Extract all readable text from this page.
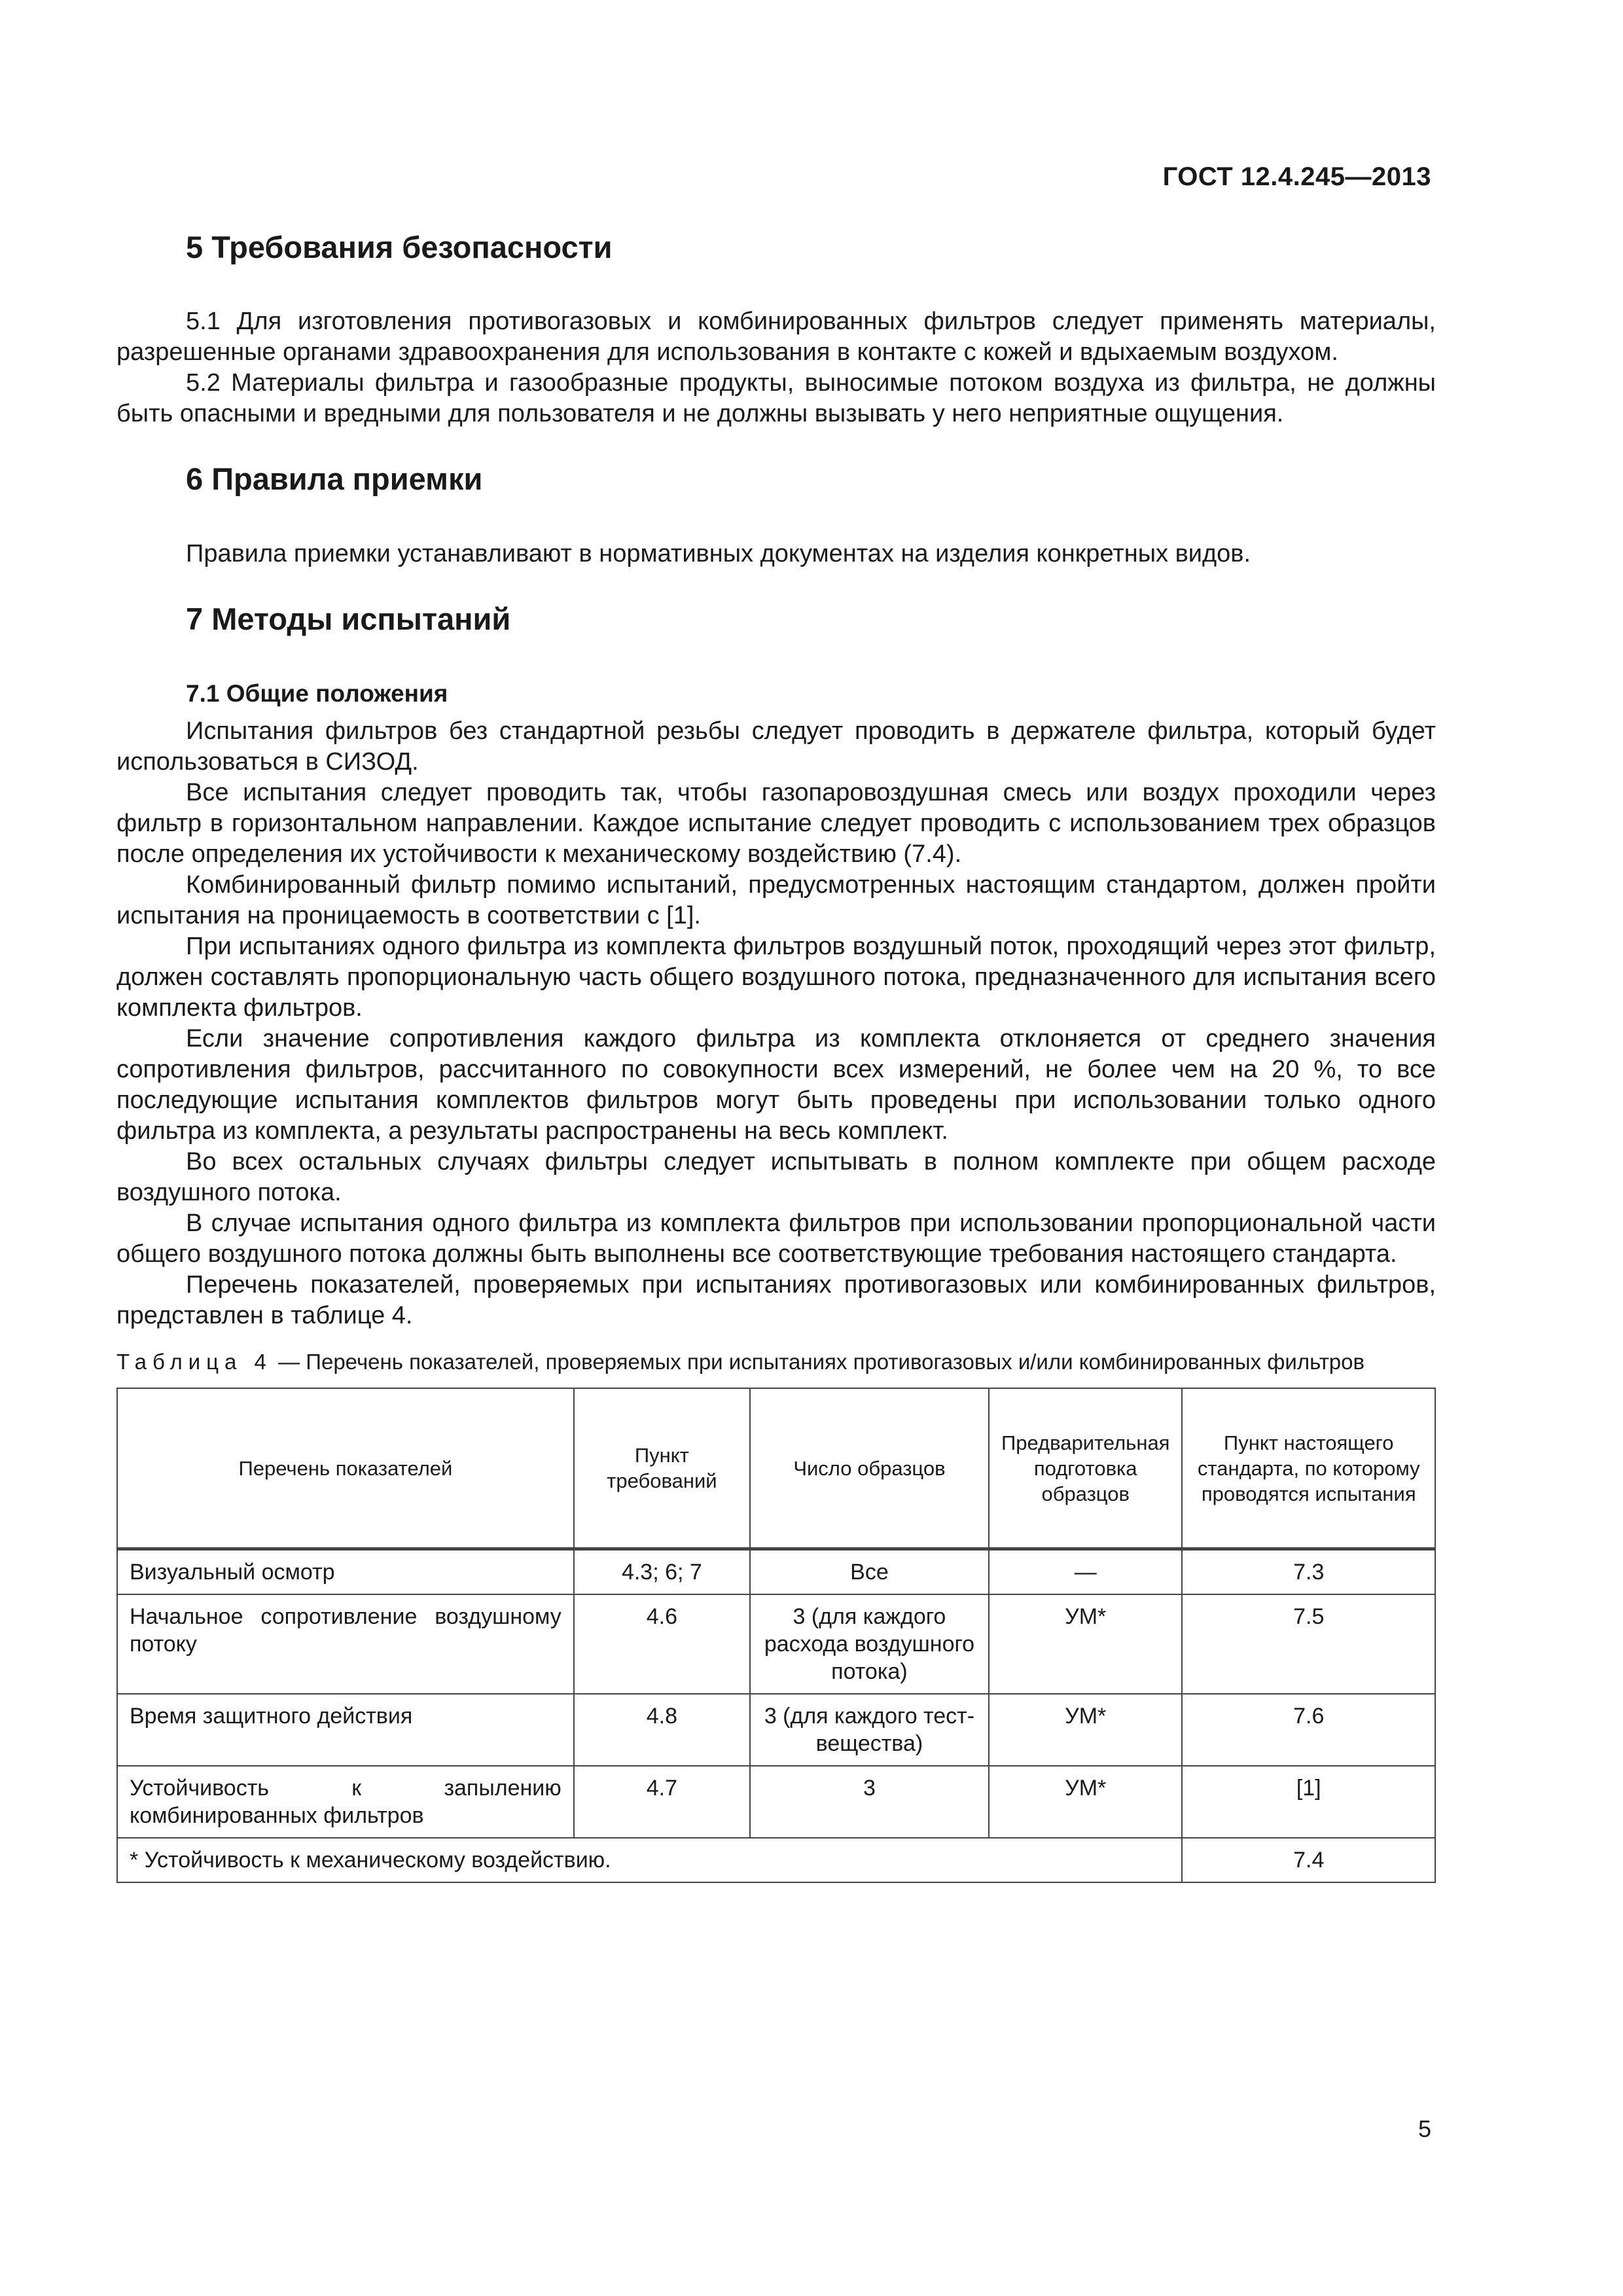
ГОСТ 12.4.245—2013
5 Требования безопасности

5.1 Для изготовления противогазовых и комбинированных фильтров следует применять материалы, разрешенные органами здравоохранения для использования в контакте с кожей и вдыхаемым воздухом.

5.2 Материалы фильтра и газообразные продукты, выносимые потоком воздуха из фильтра, не должны быть опасными и вредными для пользователя и не должны вызывать у него неприятные ощущения.

6 Правила приемки

Правила приемки устанавливают в нормативных документах на изделия конкретных видов.

7 Методы испытаний
7.1 Общие положения

Испытания фильтров без стандартной резьбы следует проводить в держателе фильтра, который будет использоваться в СИЗОД.

Все испытания следует проводить так, чтобы газопаровоздушная смесь или воздух проходили через фильтр в горизонтальном направлении. Каждое испытание следует проводить с использованием трех образцов после определения их устойчивости к механическому воздействию (7.4).

Комбинированный фильтр помимо испытаний, предусмотренных настоящим стандартом, должен пройти испытания на проницаемость в соответствии с [1].

При испытаниях одного фильтра из комплекта фильтров воздушный поток, проходящий через этот фильтр, должен составлять пропорциональную часть общего воздушного потока, предназначенного для испытания всего комплекта фильтров.

Если значение сопротивления каждого фильтра из комплекта отклоняется от среднего значения сопротивления фильтров, рассчитанного по совокупности всех измерений, не более чем на 20 %, то все последующие испытания комплектов фильтров могут быть проведены при использовании только одного фильтра из комплекта, а результаты распространены на весь комплект.

Во всех остальных случаях фильтры следует испытывать в полном комплекте при общем расходе воздушного потока.

В случае испытания одного фильтра из комплекта фильтров при использовании пропорциональной части общего воздушного потока должны быть выполнены все соответствующие требования настоящего стандарта.

Перечень показателей, проверяемых при испытаниях противогазовых или комбинированных фильтров, представлен в таблице 4.

Таблица 4 — Перечень показателей, проверяемых при испытаниях противогазовых и/или комбинированных фильтров
Перечень показателей	Пункт требований	Число образцов	Предварительная подготовка образцов	Пункт настоящего стандарта, по которому проводятся испытания
Визуальный осмотр	4.3; 6; 7	Все	—	7.3
Начальное сопротивление воздушному потоку	4.6	3 (для каждого расхода воздушного потока)	УМ*	7.5
Время защитного действия	4.8	3 (для каждого тест-вещества)	УМ*	7.6
Устойчивость к запылению комбинированных фильтров	4.7	3	УМ*	[1]
* Устойчивость к механическому воздействию.				7.4
5
